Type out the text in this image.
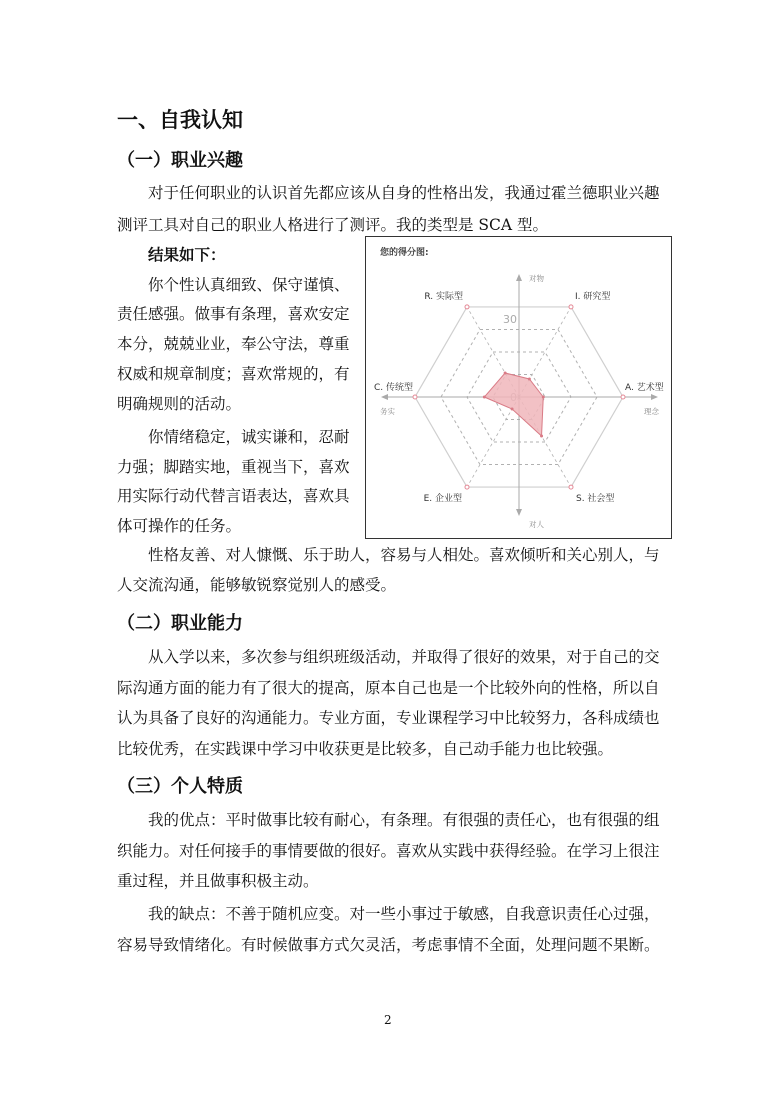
一、自我认知
（一）职业兴趣

对于任何职业的认识首先都应该从自身的性格出发，我通过霍兰德职业兴趣

测评工具对自己的职业人格进行了测评。我的类型是 SCA 型。

结果如下：

你个性认真细致、保守谨慎、

责任感强。做事有条理，喜欢安定

本分，兢兢业业，奉公守法，尊重

权威和规章制度；喜欢常规的，有

明确规则的活动。

你情绪稳定，诚实谦和，忍耐

力强；脚踏实地，重视当下，喜欢

用实际行动代替言语表达，喜欢具

体可操作的任务。

性格友善、对人慷慨、乐于助人，容易与人相处。喜欢倾听和关心别人，与

人交流沟通，能够敏锐察觉别人的感受。

（二）职业能力

从入学以来，多次参与组织班级活动，并取得了很好的效果，对于自己的交

际沟通方面的能力有了很大的提高，原本自己也是一个比较外向的性格，所以自

认为具备了良好的沟通能力。专业方面，专业课程学习中比较努力，各科成绩也

比较优秀，在实践课中学习中收获更是比较多，自己动手能力也比较强。

（三）个人特质

我的优点：平时做事比较有耐心，有条理。有很强的责任心，也有很强的组

织能力。对任何接手的事情要做的很好。喜欢从实践中获得经验。在学习上很注

重过程，并且做事积极主动。

我的缺点：不善于随机应变。对一些小事过于敏感，自我意识责任心过强，

容易导致情绪化。有时候做事方式欠灵活，考虑事情不全面，处理问题不果断。

2
您的得分图:
对物
对人
务实	理念
30
R. 实际型	I. 研究型
A. 艺术型
S. 社会型
E. 企业型
C. 传统型
